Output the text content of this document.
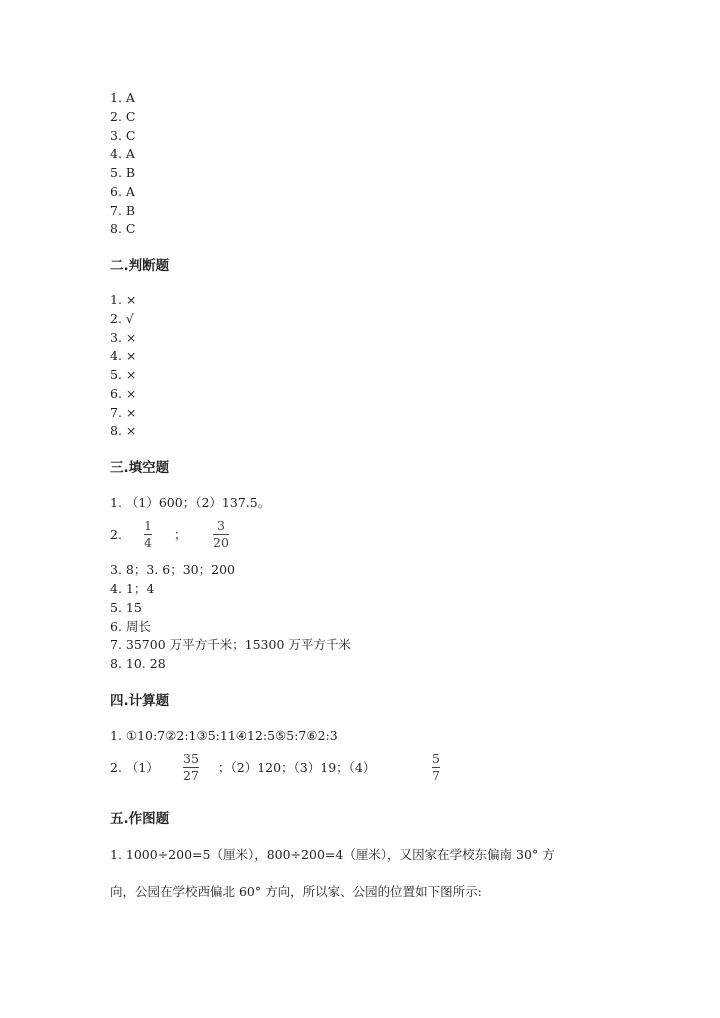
1. A
2. C
3. C
4. A
5. B
6. A
7. B
8. C
二.判断题
1. ×
2. √
3. ×
4. ×
5. ×
6. ×
7. ×
8. ×
三.填空题
1. （1）600；（2）137.5。
2.
1
4
；
3
20
3. 8；3. 6；30；200
4. 1；4
5. 15
6. 周长
7. 35700 万平方千米；15300 万平方千米
8. 10. 28
四.计算题
1. ①10:7②2:1③5:11④12:5⑤5:7⑥2:3
2. （1）
35
27
；（2）120；（3）19；（4）
5
7
五.作图题
1. 1000÷200=5（厘米），800÷200=4（厘米），又因家在学校东偏南 30° 方
向，公园在学校西偏北 60° 方向，所以家、公园的位置如下图所示:
